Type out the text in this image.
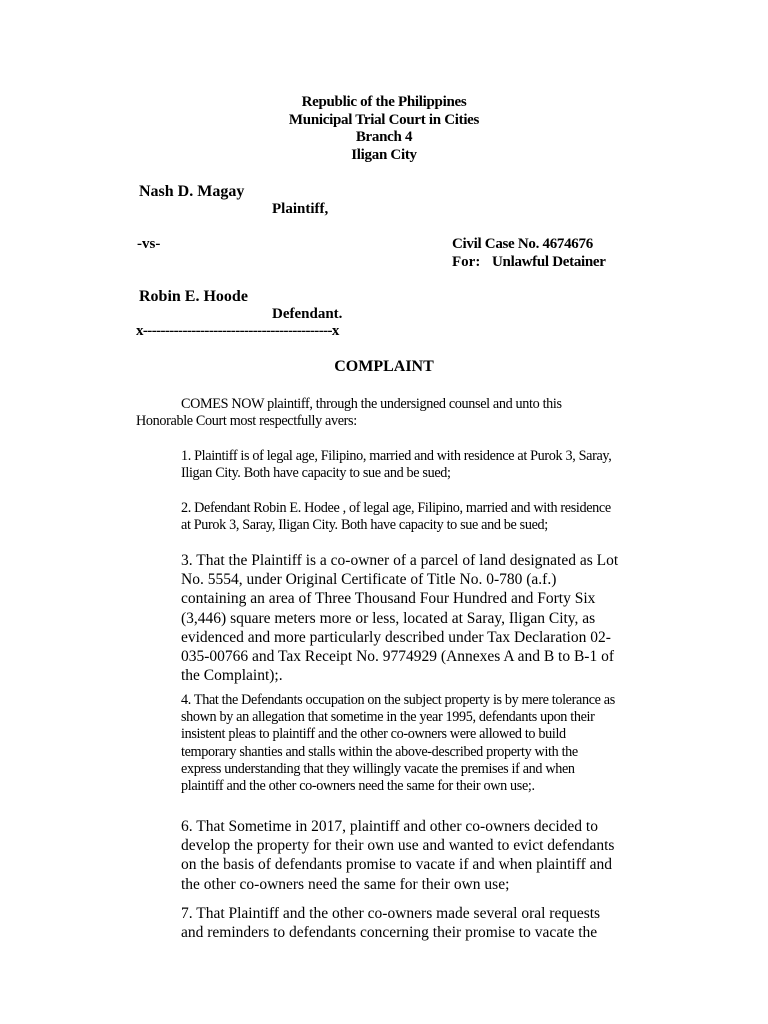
Republic of the Philippines
Municipal Trial Court in Cities
Branch 4
Iligan City
Nash D. Magay
Plaintiff,
-vs-	Civil Case No. 4674676
For: Unlawful Detainer
Robin E. Hoode
Defendant.
x-------------------------------------------x
COMPLAINT

COMES NOW plaintiff, through the undersigned counsel and unto this

Honorable Court most respectfully avers:

1. Plaintiff is of legal age, Filipino, married and with residence at Purok 3, Saray,

Iligan City. Both have capacity to sue and be sued;

2. Defendant Robin E. Hodee , of legal age, Filipino, married and with residence

at Purok 3, Saray, Iligan City. Both have capacity to sue and be sued;

3. That the Plaintiff is a co-owner of a parcel of land designated as Lot

No. 5554, under Original Certificate of Title No. 0-780 (a.f.)

containing an area of Three Thousand Four Hundred and Forty Six

(3,446) square meters more or less, located at Saray, Iligan City, as

evidenced and more particularly described under Tax Declaration 02-

035-00766 and Tax Receipt No. 9774929 (Annexes A and B to B-1 of

the Complaint);.

4. That the Defendants occupation on the subject property is by mere tolerance as

shown by an allegation that sometime in the year 1995, defendants upon their

insistent pleas to plaintiff and the other co-owners were allowed to build

temporary shanties and stalls within the above-described property with the

express understanding that they willingly vacate the premises if and when

plaintiff and the other co-owners need the same for their own use;.

6. That Sometime in 2017, plaintiff and other co-owners decided to

develop the property for their own use and wanted to evict defendants

on the basis of defendants promise to vacate if and when plaintiff and

the other co-owners need the same for their own use;

7. That Plaintiff and the other co-owners made several oral requests

and reminders to defendants concerning their promise to vacate the
